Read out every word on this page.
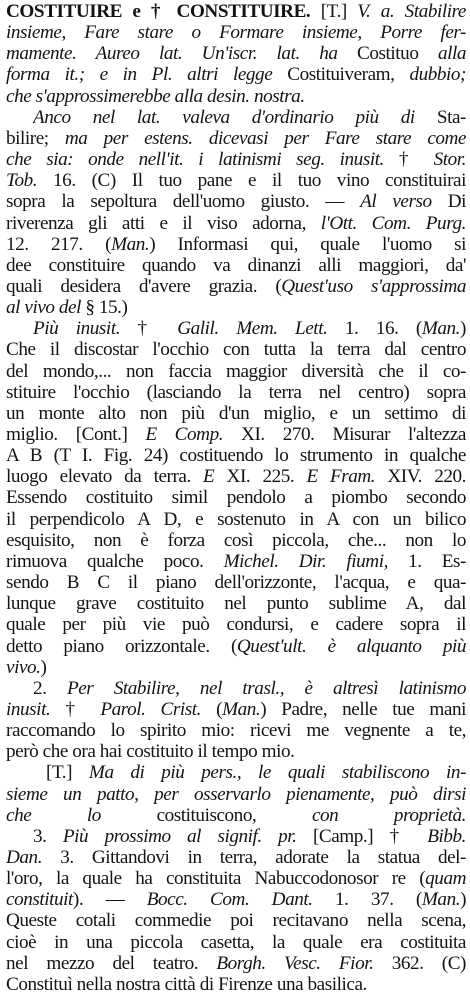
COSTITUIRE e † CONSTITUIRE. [T.] V. a. Stabilire
insieme, Fare stare o Formare insieme, Porre fer-
mamente. Aureo lat. Un'iscr. lat. ha Costituo alla
forma it.; e in Pl. altri legge Costituiveram, dubbio;
che s'approssimerebbe alla desin. nostra.
Anco nel lat. valeva d'ordinario più di Sta-
bilire; ma per estens. dicevasi per Fare stare come
che sia: onde nell'it. i latinismi seg. inusit. † Stor.
Tob. 16. (C) Il tuo pane e il tuo vino constituirai
sopra la sepoltura dell'uomo giusto. — Al verso Di
riverenza gli atti e il viso adorna, l'Ott. Com. Purg.
12. 217. (Man.) Informasi qui, quale l'uomo si
dee constituire quando va dinanzi alli maggiori, da'
quali desidera d'avere grazia. (Quest'uso s'approssima
al vivo del § 15.)
Più inusit. † Galil. Mem. Lett. 1. 16. (Man.)
Che il discostar l'occhio con tutta la terra dal centro
del mondo,... non faccia maggior diversità che il co-
stituire l'occhio (lasciando la terra nel centro) sopra
un monte alto non più d'un miglio, e un settimo di
miglio. [Cont.] E Comp. XI. 270. Misurar l'altezza
A B (T I. Fig. 24) costituendo lo strumento in qualche
luogo elevato da terra. E XI. 225. E Fram. XIV. 220.
Essendo costituito simil pendolo a piombo secondo
il perpendicolo A D, e sostenuto in A con un bilico
esquisito, non è forza così piccola, che... non lo
rimuova qualche poco. Michel. Dir. fiumi, 1. Es-
sendo B C il piano dell'orizzonte, l'acqua, e qua-
lunque grave costituito nel punto sublime A, dal
quale per più vie può condursi, e cadere sopra il
detto piano orizzontale. (Quest'ult. è alquanto più
vivo.)
2. Per Stabilire, nel trasl., è altresì latinismo
inusit. † Parol. Crist. (Man.) Padre, nelle tue mani
raccomando lo spirito mio: ricevi me vegnente a te,
però che ora hai costituito il tempo mio.
[T.] Ma di più pers., le quali stabiliscono in-
sieme un patto, per osservarlo pienamente, può dirsi
che lo costituiscono, con proprietà.
3. Più prossimo al signif. pr. [Camp.] † Bibb.
Dan. 3. Gittandovi in terra, adorate la statua del-
l'oro, la quale ha constituita Nabuccodonosor re (quam
constituit). — Bocc. Com. Dant. 1. 37. (Man.)
Queste cotali commedie poi recitavano nella scena,
cioè in una piccola casetta, la quale era costituita
nel mezzo del teatro. Borgh. Vesc. Fior. 362. (C)
Constituì nella nostra città di Firenze una basilica.
